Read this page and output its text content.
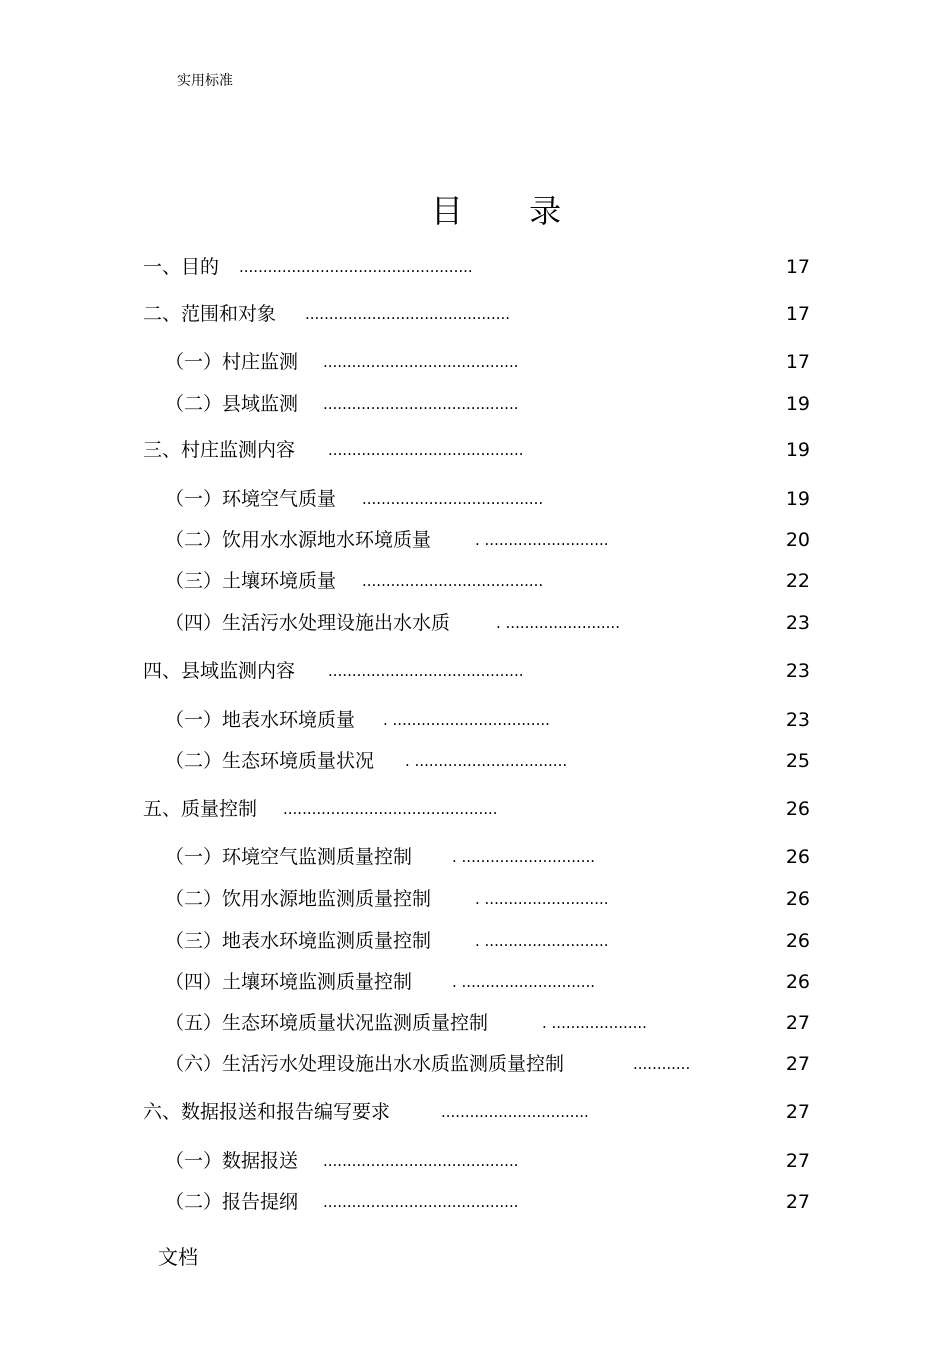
实用标准
目 录
一、目的 .................................................	17
二、范围和对象 ...........................................	17
（一）村庄监测 .........................................	17
（二）县域监测 .........................................	19
三、村庄监测内容 .........................................	19
（一）环境空气质量 ......................................	19
（二）饮用水水源地水环境质量	. ..........................	20
（三）土壤环境质量 ......................................	22
（四）生活污水处理设施出水水质	. ........................	23
四、县域监测内容 .........................................	23
（一）地表水环境质量 . .................................	23
（二）生态环境质量状况 . ................................	25
五、质量控制 .............................................	26
（一）环境空气监测质量控制	. ............................	26
（二）饮用水源地监测质量控制	. ..........................	26
（三）地表水环境监测质量控制	. ..........................	26
（四）土壤环境监测质量控制	. ............................	26
（五）生态环境质量状况监测质量控制	. ....................	27
（六）生活污水处理设施出水水质监测质量控制	............	27
六、数据报送和报告编写要求	...............................	27
（一）数据报送 .........................................	27
（二）报告提纲 .........................................	27
文档
